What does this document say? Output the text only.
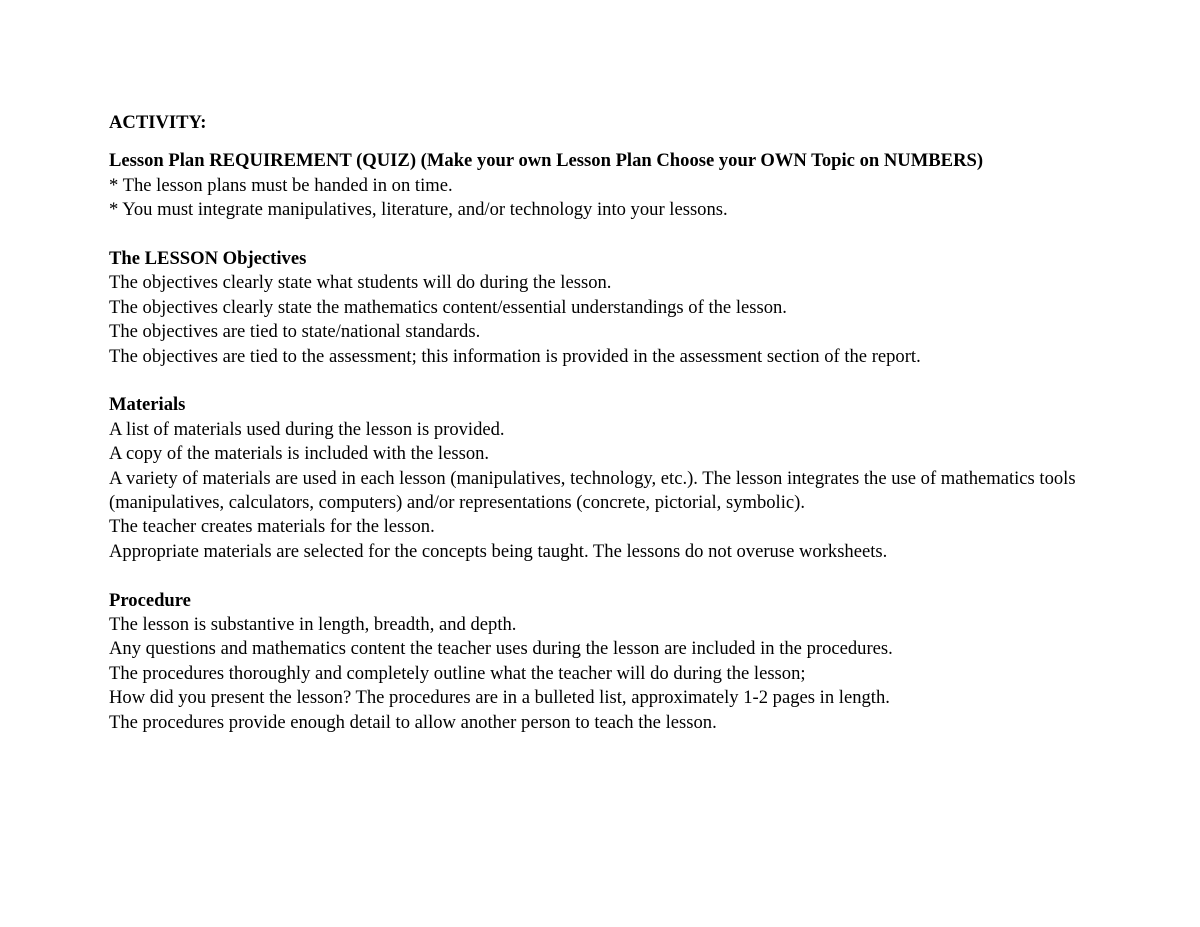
ACTIVITY:

Lesson Plan REQUIREMENT (QUIZ) (Make your own Lesson Plan Choose your OWN Topic on NUMBERS)

* The lesson plans must be handed in on time.

* You must integrate manipulatives, literature, and/or technology into your lessons.

The LESSON Objectives

The objectives clearly state what students will do during the lesson.

The objectives clearly state the mathematics content/essential understandings of the lesson.

The objectives are tied to state/national standards.

The objectives are tied to the assessment; this information is provided in the assessment section of the report.

Materials

A list of materials used during the lesson is provided.

A copy of the materials is included with the lesson.

A variety of materials are used in each lesson (manipulatives, technology, etc.). The lesson integrates the use of mathematics tools (manipulatives, calculators, computers) and/or representations (concrete, pictorial, symbolic).

The teacher creates materials for the lesson.

Appropriate materials are selected for the concepts being taught. The lessons do not overuse worksheets.

Procedure

The lesson is substantive in length, breadth, and depth.

Any questions and mathematics content the teacher uses during the lesson are included in the procedures.

The procedures thoroughly and completely outline what the teacher will do during the lesson;

How did you present the lesson? The procedures are in a bulleted list, approximately 1-2 pages in length.

The procedures provide enough detail to allow another person to teach the lesson.
